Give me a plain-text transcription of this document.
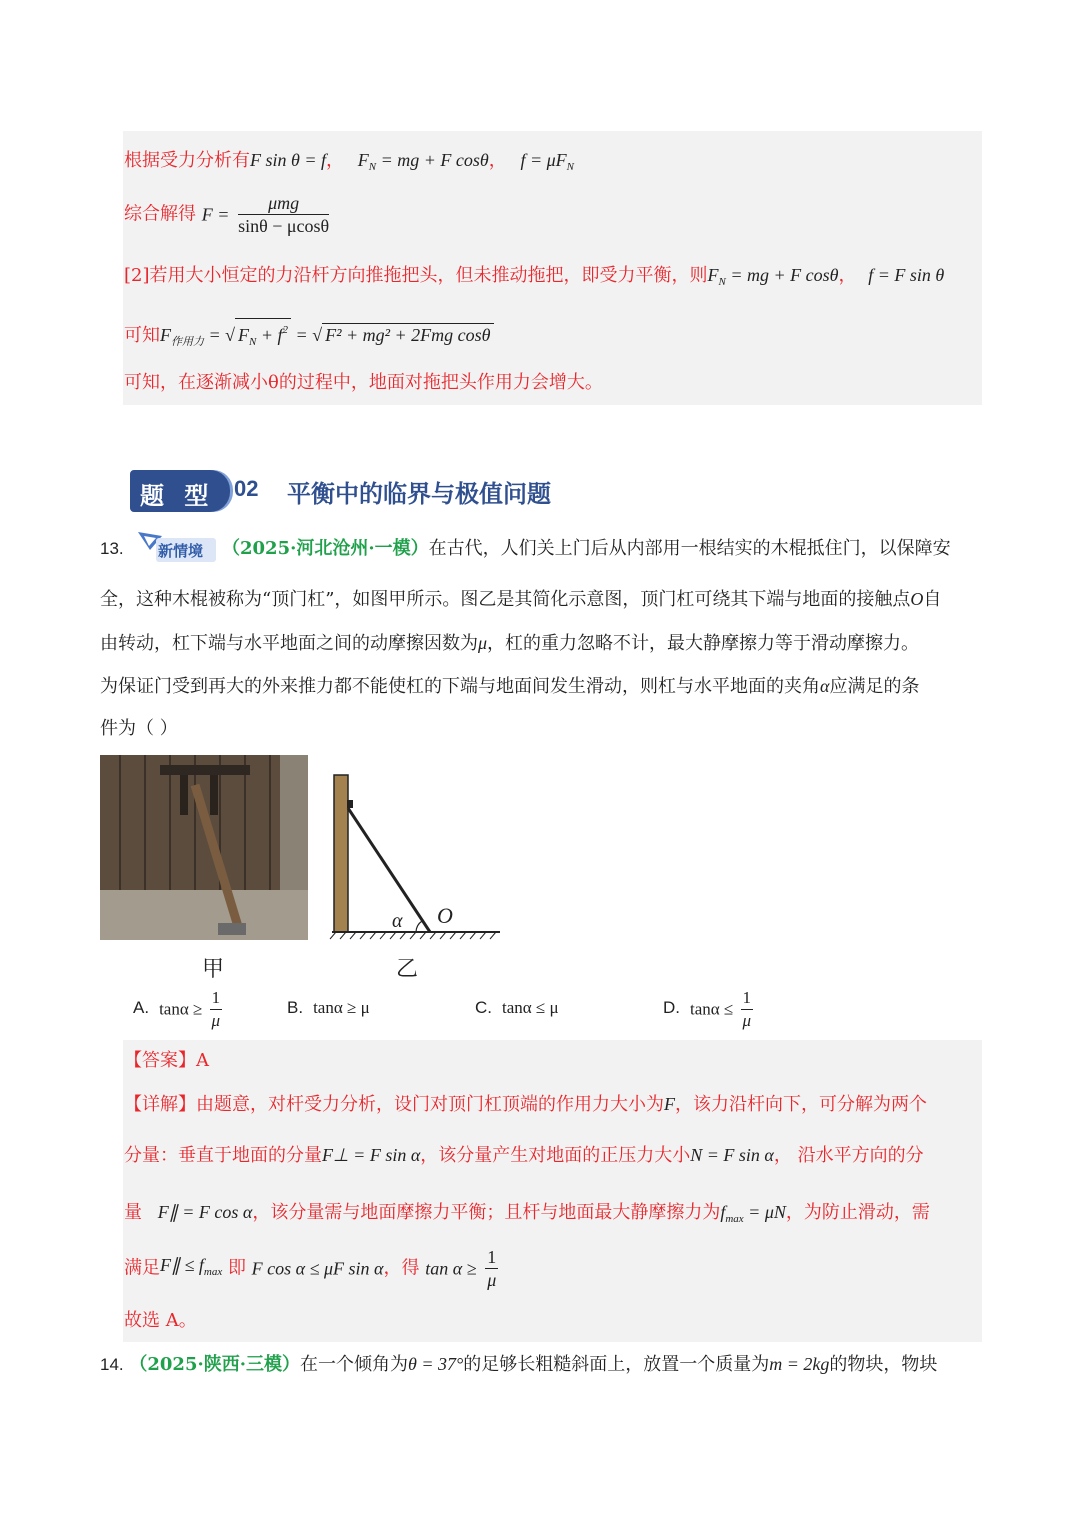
根据受力分析有F sin θ = f， $F_N$ = mg + F cosθ， $f = \mu F_N$
综合解得 $F = \frac{\text{μmg}}{\sin\theta - \mu\cos\theta}$
[2]若用大小恒定的力沿杆方向推拖把头，但未推动拖把，即受力平衡，则$F_N$ = mg + F cosθ， f = F sin θ
可知$F_{作用力}$ = √ $F_N + f^2$ = √ F² + mg² + 2Fmg cosθ
可知，在逐渐减小θ的过程中，地面对拖把头作用力会增大。
题 型 02 平衡中的临界与极值问题
13. 新情境 （2025·河北沧州·一模）在古代，人们关上门后从内部用一根结实的木棍抵住门，以保障安
全，这种木棍被称为“顶门杠”，如图甲所示。图乙是其简化示意图，顶门杠可绕其下端与地面的接触点O自
由转动，杠下端与水平地面之间的动摩擦因数为μ，杠的重力忽略不计，最大静摩擦力等于滑动摩擦力。
为保证门受到再大的外来推力都不能使杠的下端与地面间发生滑动，则杠与水平地面的夹角α应满足的条
件为（ ）
甲
α O
乙
A. $\tan\alpha \ge \frac{1}{\mu}$	B. tanα ≥ μ	C. tanα ≤ μ	D. $\tan\alpha \le \frac{1}{\mu}$
【答案】A
【详解】由题意，对杆受力分析，设门对顶门杠顶端的作用力大小为F，该力沿杆向下，可分解为两个
分量：垂直于地面的分量F⊥ = F sin α，该分量产生对地面的正压力大小N = F sin α， 沿水平方向的分
量 F∥ = F cos α，该分量需与地面摩擦力平衡；且杆与地面最大静摩擦力为$f_{max} = \mu N$，为防止滑动，需
满足F∥ ≤ $f_{max}$ 即 F cos α ≤ μF sin α，得 $\tan \alpha \ge \frac{1}{\mu}$
故选 A。
14. （2025·陕西·三模）在一个倾角为θ = 37°的足够长粗糙斜面上，放置一个质量为m = 2kg的物块，物块
